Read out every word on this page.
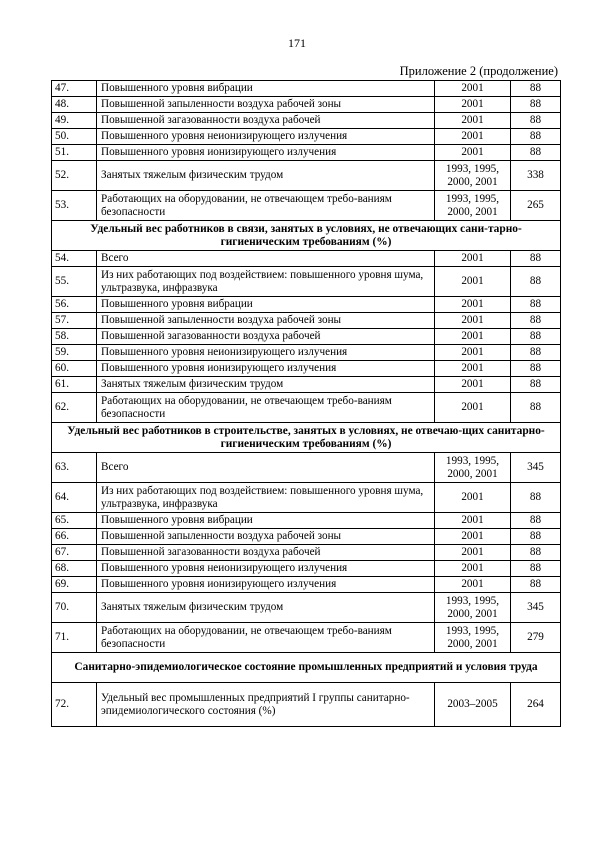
171
Приложение 2 (продолжение)
47.	Повышенного уровня вибрации	2001	88
48.	Повышенной запыленности воздуха рабочей зоны	2001	88
49.	Повышенной загазованности воздуха рабочей	2001	88
50.	Повышенного уровня неионизирующего излучения	2001	88
51.	Повышенного уровня ионизирующего излучения	2001	88
52.	Занятых тяжелым физическим трудом	1993, 1995, 2000, 2001	338
53.	Работающих на оборудовании, не отвечающем требо-ваниям безопасности	1993, 1995, 2000, 2001	265
Удельный вес работников в связи, занятых в условиях, не отвечающих сани-тарно-гигиеническим требованиям (%)			
54.	Всего	2001	88
55.	Из них работающих под воздействием: повышенного уровня шума, ультразвука, инфразвука	2001	88
56.	Повышенного уровня вибрации	2001	88
57.	Повышенной запыленности воздуха рабочей зоны	2001	88
58.	Повышенной загазованности воздуха рабочей	2001	88
59.	Повышенного уровня неионизирующего излучения	2001	88
60.	Повышенного уровня ионизирующего излучения	2001	88
61.	Занятых тяжелым физическим трудом	2001	88
62.	Работающих на оборудовании, не отвечающем требо-ваниям безопасности	2001	88
Удельный вес работников в строительстве, занятых в условиях, не отвечаю-щих санитарно-гигиеническим требованиям (%)			
63.	Всего	1993, 1995, 2000, 2001	345
64.	Из них работающих под воздействием: повышенного уровня шума, ультразвука, инфразвука	2001	88
65.	Повышенного уровня вибрации	2001	88
66.	Повышенной запыленности воздуха рабочей зоны	2001	88
67.	Повышенной загазованности воздуха рабочей	2001	88
68.	Повышенного уровня неионизирующего излучения	2001	88
69.	Повышенного уровня ионизирующего излучения	2001	88
70.	Занятых тяжелым физическим трудом	1993, 1995, 2000, 2001	345
71.	Работающих на оборудовании, не отвечающем требо-ваниям безопасности	1993, 1995, 2000, 2001	279
Санитарно-эпидемиологическое состояние промышленных предприятий и условия труда			
72.	Удельный вес промышленных предприятий I группы санитарно-эпидемиологического состояния (%)	2003–2005	264
